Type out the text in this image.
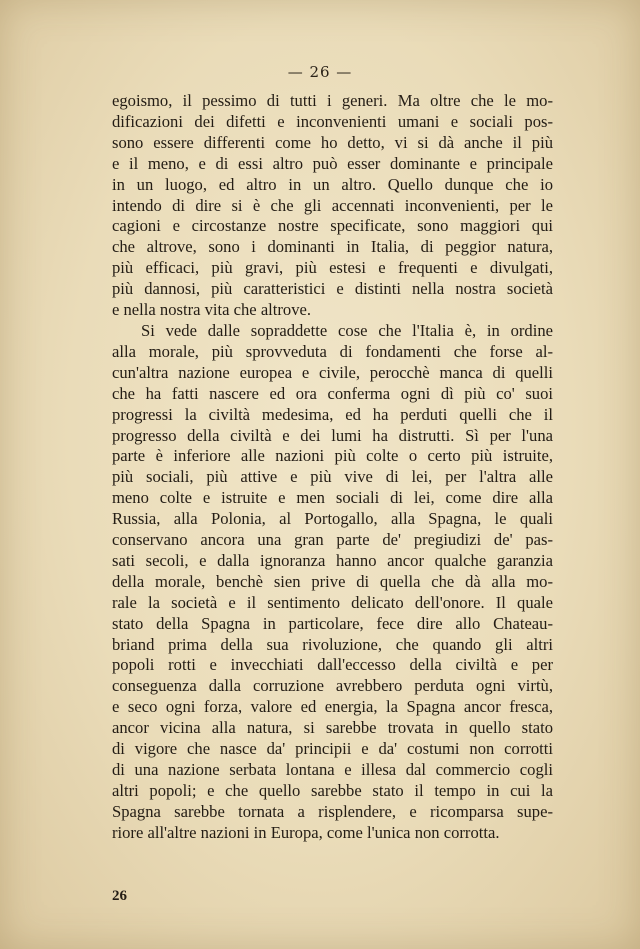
— 26 —
egoismo, il pessimo di tutti i generi. Ma oltre che le mo-
dificazioni dei difetti e inconvenienti umani e sociali pos-
sono essere differenti come ho detto, vi si dà anche il più
e il meno, e di essi altro può esser dominante e principale
in un luogo, ed altro in un altro. Quello dunque che io
intendo di dire si è che gli accennati inconvenienti, per le
cagioni e circostanze nostre specificate, sono maggiori qui
che altrove, sono i dominanti in Italia, di peggior natura,
più efficaci, più gravi, più estesi e frequenti e divulgati,
più dannosi, più caratteristici e distinti nella nostra società
e nella nostra vita che altrove.
Si vede dalle sopraddette cose che l'Italia è, in ordine
alla morale, più sprovveduta di fondamenti che forse al-
cun'altra nazione europea e civile, perocchè manca di quelli
che ha fatti nascere ed ora conferma ogni dì più co' suoi
progressi la civiltà medesima, ed ha perduti quelli che il
progresso della civiltà e dei lumi ha distrutti. Sì per l'una
parte è inferiore alle nazioni più colte o certo più istruite,
più sociali, più attive e più vive di lei, per l'altra alle
meno colte e istruite e men sociali di lei, come dire alla
Russia, alla Polonia, al Portogallo, alla Spagna, le quali
conservano ancora una gran parte de' pregiudizi de' pas-
sati secoli, e dalla ignoranza hanno ancor qualche garanzia
della morale, benchè sien prive di quella che dà alla mo-
rale la società e il sentimento delicato dell'onore. Il quale
stato della Spagna in particolare, fece dire allo Chateau-
briand prima della sua rivoluzione, che quando gli altri
popoli rotti e invecchiati dall'eccesso della civiltà e per
conseguenza dalla corruzione avrebbero perduta ogni virtù,
e seco ogni forza, valore ed energia, la Spagna ancor fresca,
ancor vicina alla natura, si sarebbe trovata in quello stato
di vigore che nasce da' principii e da' costumi non corrotti
di una nazione serbata lontana e illesa dal commercio cogli
altri popoli; e che quello sarebbe stato il tempo in cui la
Spagna sarebbe tornata a risplendere, e ricomparsa supe-
riore all'altre nazioni in Europa, come l'unica non corrotta.
26
